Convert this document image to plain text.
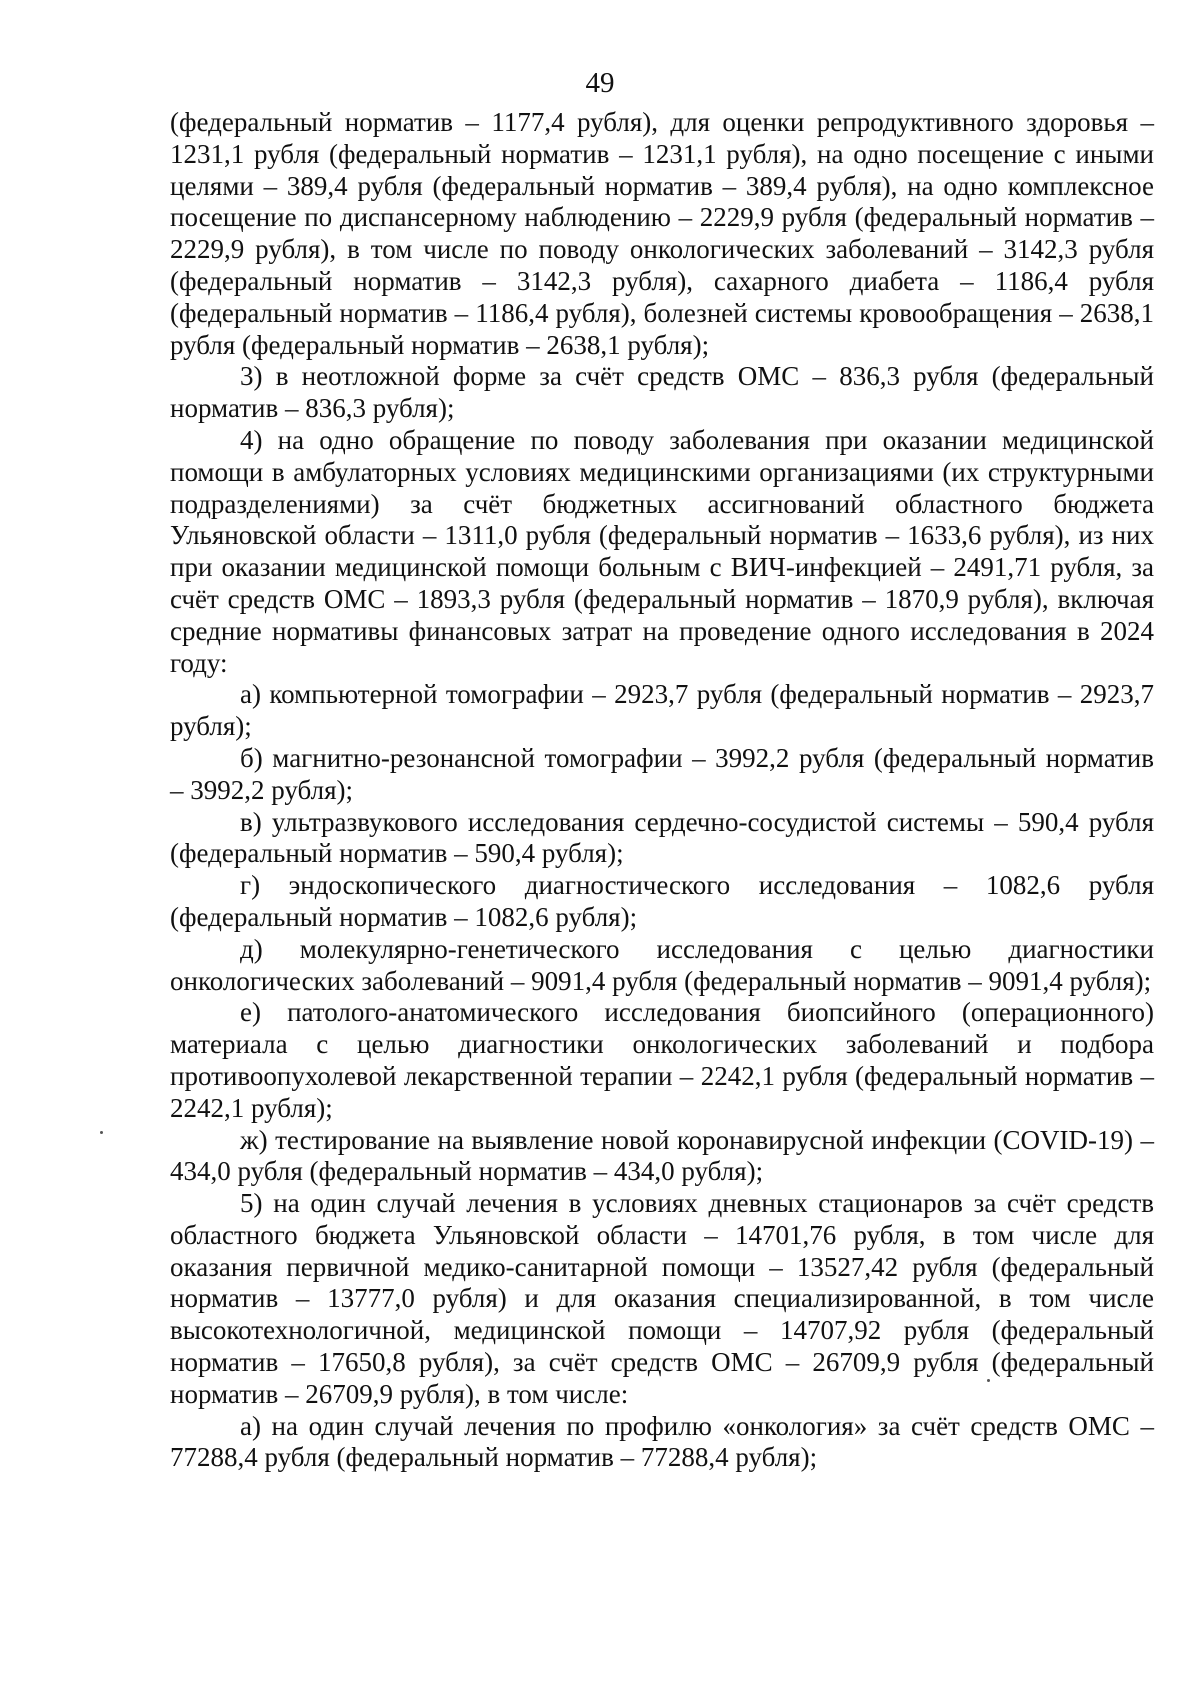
49

(федеральный норматив – 1177,4 рубля), для оценки репродуктивного здоровья – 1231,1 рубля (федеральный норматив – 1231,1 рубля), на одно посещение с иными целями – 389,4 рубля (федеральный норматив – 389,4 рубля), на одно комплексное посещение по диспансерному наблюдению – 2229,9 рубля (федеральный норматив – 2229,9 рубля), в том числе по поводу онкологических заболеваний – 3142,3 рубля (федеральный норматив – 3142,3 рубля), сахарного диабета – 1186,4 рубля (федеральный норматив – 1186,4 рубля), болезней системы кровообращения – 2638,1 рубля (федеральный норматив – 2638,1 рубля);

3) в неотложной форме за счёт средств ОМС – 836,3 рубля (федеральный норматив – 836,3 рубля);

4) на одно обращение по поводу заболевания при оказании медицинской помощи в амбулаторных условиях медицинскими организациями (их структурными подразделениями) за счёт бюджетных ассигнований областного бюджета Ульяновской области – 1311,0 рубля (федеральный норматив – 1633,6 рубля), из них при оказании медицинской помощи больным с ВИЧ-инфекцией – 2491,71 рубля, за счёт средств ОМС – 1893,3 рубля (федеральный норматив – 1870,9 рубля), включая средние нормативы финансовых затрат на проведение одного исследования в 2024 году:

а) компьютерной томографии – 2923,7 рубля (федеральный норматив – 2923,7 рубля);

б) магнитно-резонансной томографии – 3992,2 рубля (федеральный норматив – 3992,2 рубля);

в) ультразвукового исследования сердечно-сосудистой системы – 590,4 рубля (федеральный норматив – 590,4 рубля);

г) эндоскопического диагностического исследования – 1082,6 рубля (федеральный норматив – 1082,6 рубля);

д) молекулярно-генетического исследования с целью диагностики онкологических заболеваний – 9091,4 рубля (федеральный норматив – 9091,4 рубля);

е) патолого-анатомического исследования биопсийного (операционного) материала с целью диагностики онкологических заболеваний и подбора противоопухолевой лекарственной терапии – 2242,1 рубля (федеральный норматив – 2242,1 рубля);

ж) тестирование на выявление новой коронавирусной инфекции (COVID-19) – 434,0 рубля (федеральный норматив – 434,0 рубля);

5) на один случай лечения в условиях дневных стационаров за счёт средств областного бюджета Ульяновской области – 14701,76 рубля, в том числе для оказания первичной медико-санитарной помощи – 13527,42 рубля (федеральный норматив – 13777,0 рубля) и для оказания специализированной, в том числе высокотехнологичной, медицинской помощи – 14707,92 рубля (федеральный норматив – 17650,8 рубля), за счёт средств ОМС – 26709,9 рубля (федеральный норматив – 26709,9 рубля), в том числе:

а) на один случай лечения по профилю «онкология» за счёт средств ОМС – 77288,4 рубля (федеральный норматив – 77288,4 рубля);
